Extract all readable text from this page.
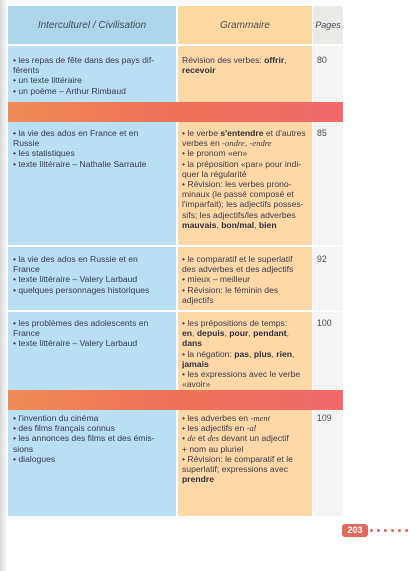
Interculturel / Civilisation	Grammaire	Pages
• les repas de fête dans des pays dif-
férents
• un texte littéraire
• un poème – Arthur Rimbaud
Révision des verbes: offrir,
recevoir
80
• la vie des ados en France et en
Russie
• les statistiques
• texte littéraire – Nathalie Sarraute
• le verbe s'entendre et d'autres
verbes en -ondre, -endre
• le pronom «en»
• la préposition «par» pour indi-
quer la régularité
• Révision: les verbes prono-
minaux (le passé composé et
l'imparfait); les adjectifs posses-
sifs; les adjectifs/les adverbes
mauvais, bon/mal, bien
85
• la vie des ados en Russie et en
France
• texte littéraire – Valery Larbaud
• quelques personnages historiques
• le comparatif et le superlatif
des adverbes et des adjectifs
• mieux – meilleur
• Révision: le féminin des
adjectifs
92
• les problèmes des adolescents en
France
• texte littéraire – Valery Larbaud
• les prépositions de temps:
en, depuis, pour, pendant,
dans
• la négation: pas, plus, rien,
jamais
• les expressions avec le verbe
«avoir»
100
• l'invention du cinéma
• des films français connus
• les annonces des films et des émis-
sions
• dialogues
• les adverbes en -ment
• les adjectifs en -al
• de et des devant un adjectif
+ nom au pluriel
• Révision: le comparatif et le
superlatif; expressions avec
prendre
109
203
